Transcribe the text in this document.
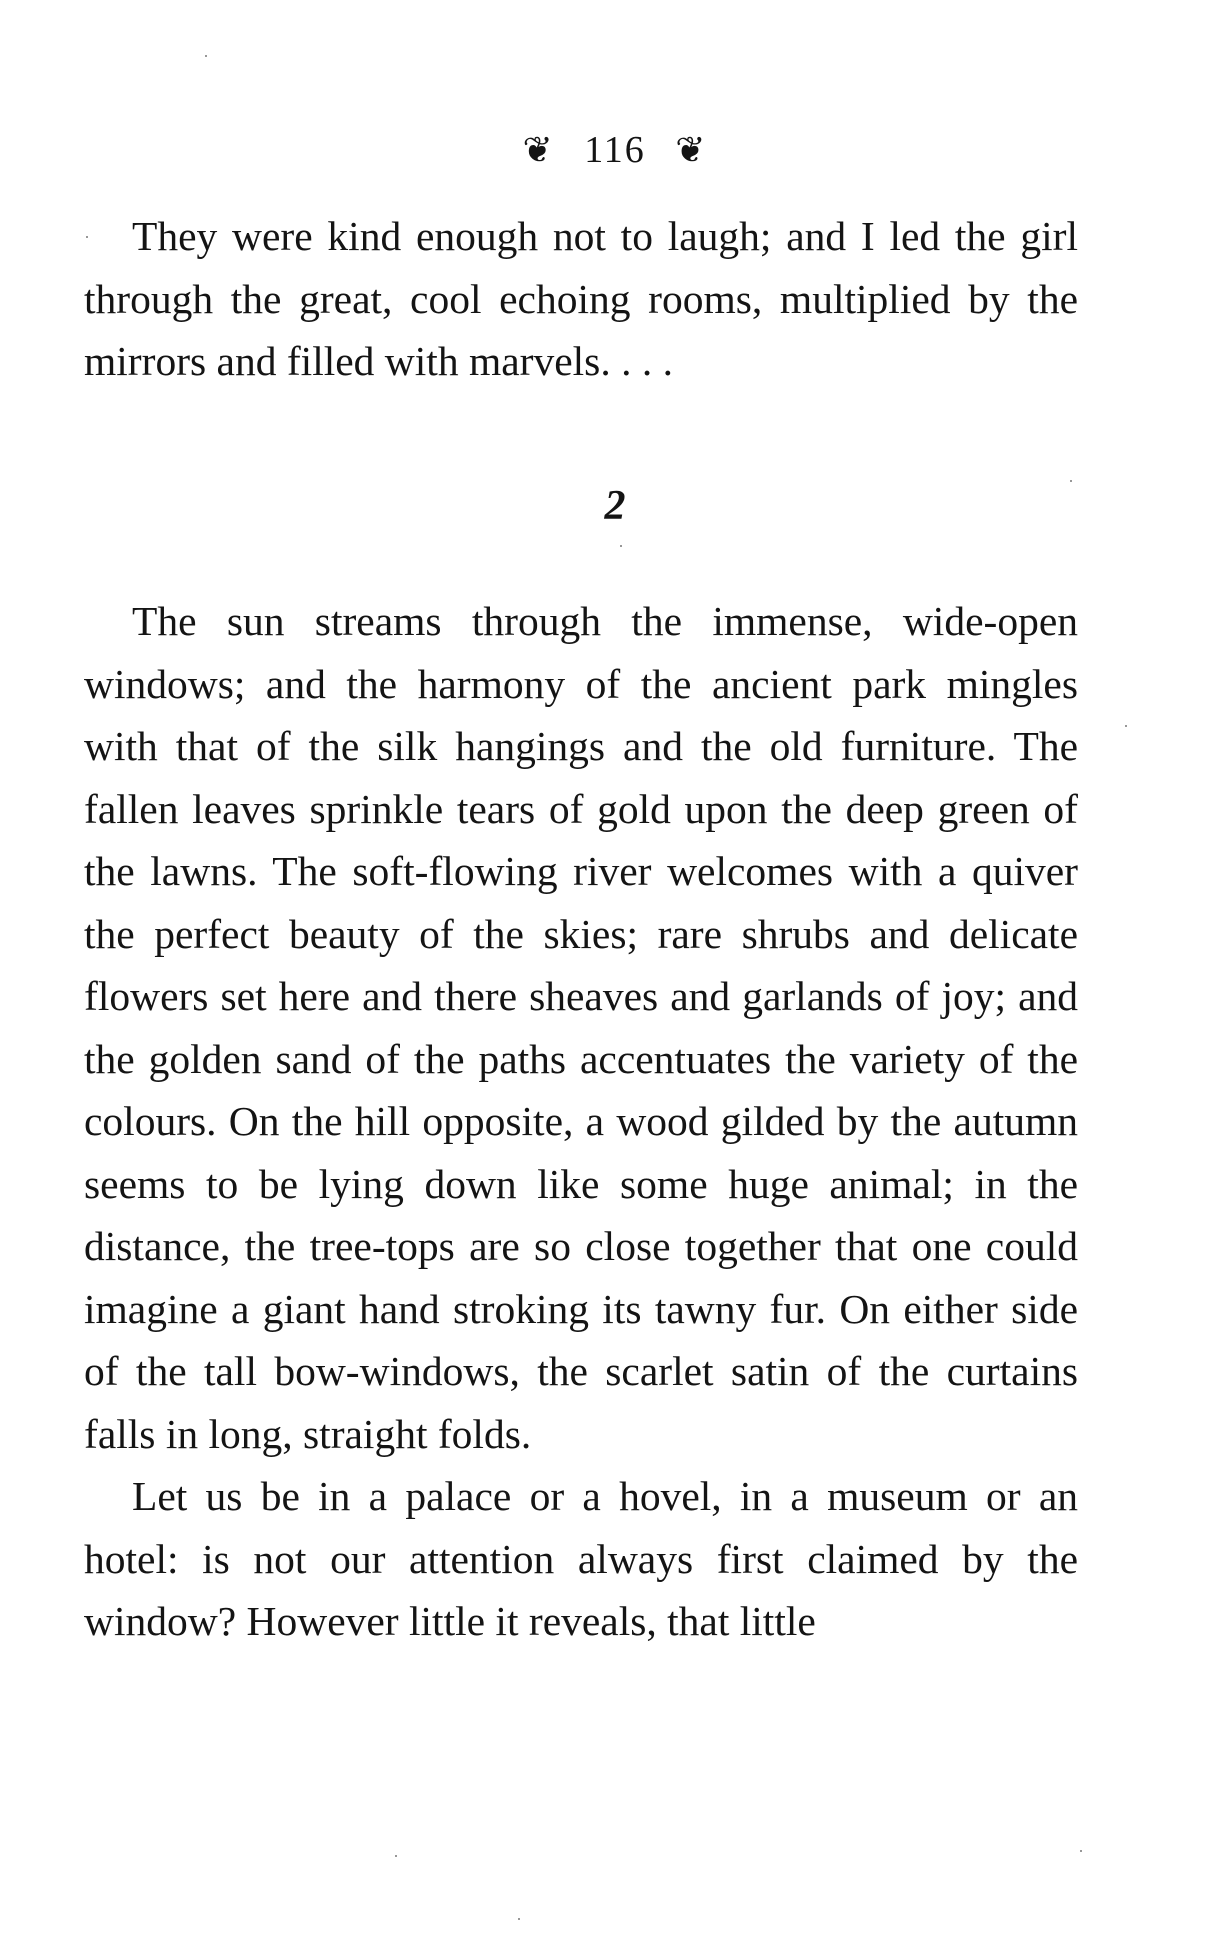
❦ 116 ❦

They were kind enough not to laugh; and I led the girl through the great, cool echoing rooms, multiplied by the mirrors and filled with marvels. . . .

2

The sun streams through the immense, wide-open windows; and the harmony of the ancient park mingles with that of the silk hangings and the old furniture. The fallen leaves sprinkle tears of gold upon the deep green of the lawns. The soft-flowing river welcomes with a quiver the perfect beauty of the skies; rare shrubs and delicate flowers set here and there sheaves and garlands of joy; and the golden sand of the paths accentuates the variety of the colours. On the hill opposite, a wood gilded by the autumn seems to be lying down like some huge animal; in the distance, the tree-tops are so close together that one could imagine a giant hand stroking its tawny fur. On either side of the tall bow-windows, the scarlet satin of the curtains falls in long, straight folds.

Let us be in a palace or a hovel, in a museum or an hotel: is not our attention always first claimed by the window? However little it reveals, that little
